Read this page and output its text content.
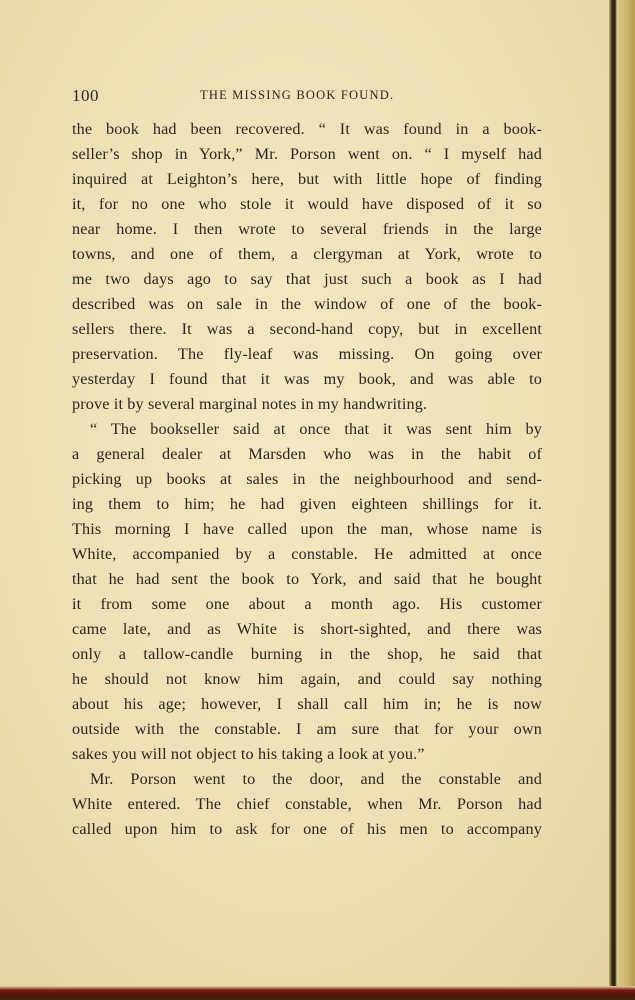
100	THE MISSING BOOK FOUND.
the book had been recovered. “ It was found in a book-
seller’s shop in York,” Mr. Porson went on. “ I myself had
inquired at Leighton’s here, but with little hope of finding
it, for no one who stole it would have disposed of it so
near home. I then wrote to several friends in the large
towns, and one of them, a clergyman at York, wrote to
me two days ago to say that just such a book as I had
described was on sale in the window of one of the book-
sellers there. It was a second-hand copy, but in excellent
preservation. The fly-leaf was missing. On going over
yesterday I found that it was my book, and was able to
prove it by several marginal notes in my handwriting.
“ The bookseller said at once that it was sent him by
a general dealer at Marsden who was in the habit of
picking up books at sales in the neighbourhood and send-
ing them to him; he had given eighteen shillings for it.
This morning I have called upon the man, whose name is
White, accompanied by a constable. He admitted at once
that he had sent the book to York, and said that he bought
it from some one about a month ago. His customer
came late, and as White is short-sighted, and there was
only a tallow-candle burning in the shop, he said that
he should not know him again, and could say nothing
about his age; however, I shall call him in; he is now
outside with the constable. I am sure that for your own
sakes you will not object to his taking a look at you.”
Mr. Porson went to the door, and the constable and
White entered. The chief constable, when Mr. Porson had
called upon him to ask for one of his men to accompany
